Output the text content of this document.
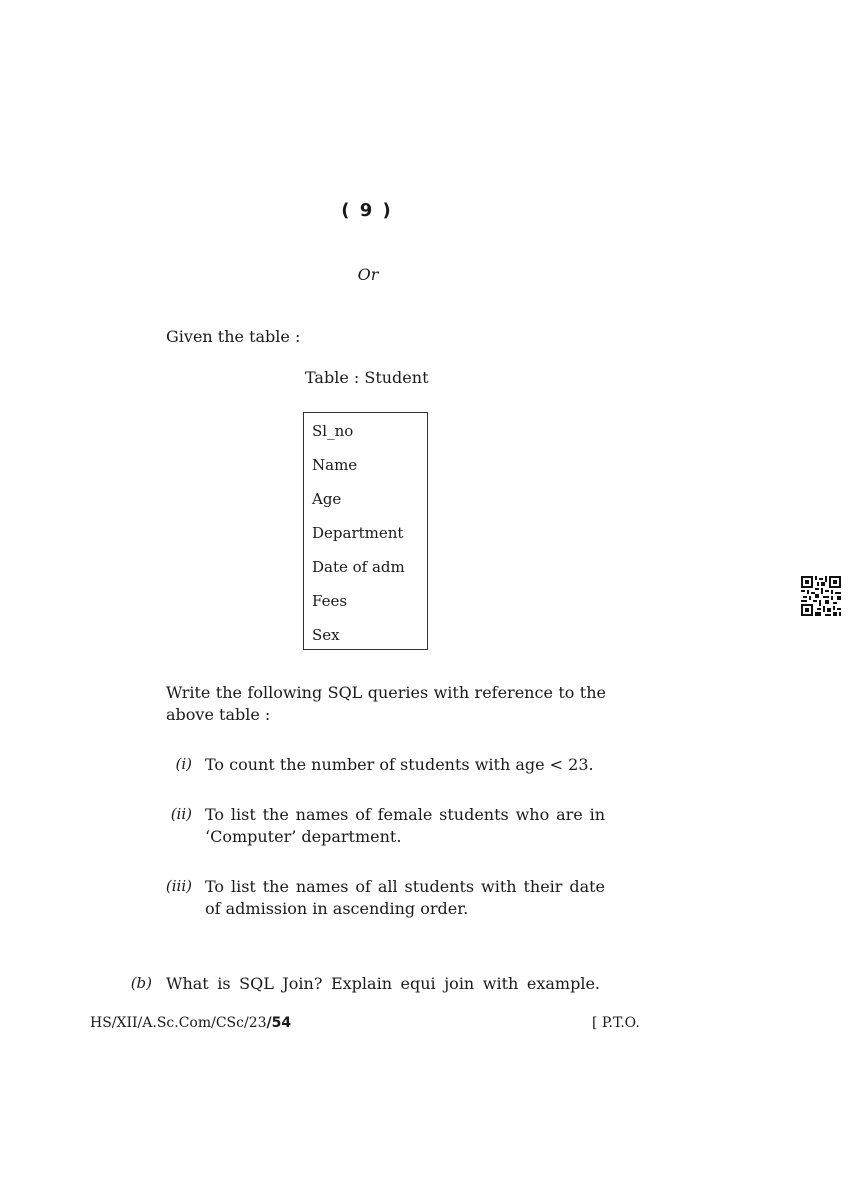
( 9 )
Or
Given the table :
Table : Student
Sl_no
Name
Age
Department
Date of adm
Fees
Sex
Write the following SQL queries with reference to the
above table :
(i) To count the number of students with age < 23.
(ii) To list the names of female students who are in
‘Computer’ department.
(iii) To list the names of all students with their date
of admission in ascending order.
(b) What is SQL Join? Explain equi join with example.
HS/XII/A.Sc.Com/CSc/23/54	[ P.T.O.
